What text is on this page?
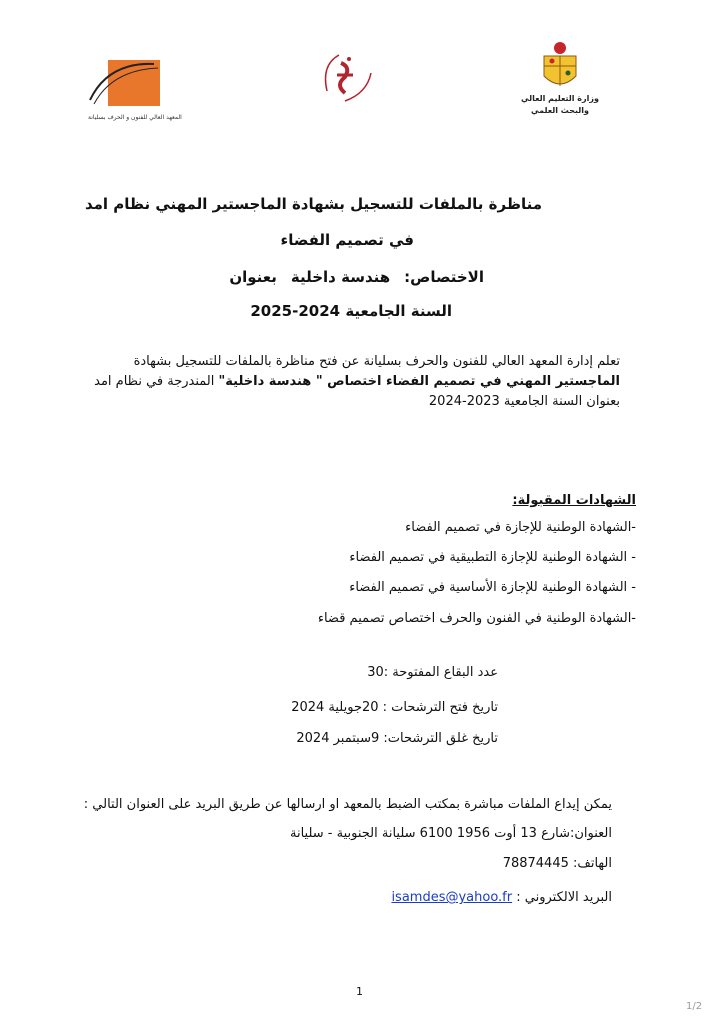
المعهد العالي للفنون و الحرف بسليانة
وزارة التعليم العالي
والبحث العلمي
مناظرة بالملفات للتسجيل بشهادة الماجستير المهني نظام امد
في تصميم الفضاء
الاختصاص:هندسة داخليةبعنوان
السنة الجامعية 2024-2025
تعلم إدارة المعهد العالي للفنون والحرف بسليانة عن فتح مناظرة بالملفات للتسجيل بشهادة الماجستير المهني في تصميم الفضاء اختصاص " هندسة داخلية" المندرجة في نظام امد بعنوان السنة الجامعية 2023-2024
الشهادات المقبولة:
-الشهادة الوطنية للإجازة في تصميم الفضاء
- الشهادة الوطنية للإجازة التطبيقية في تصميم الفضاء
- الشهادة الوطنية للإجازة الأساسية في تصميم الفضاء
-الشهادة الوطنية في الفنون والحرف اختصاص تصميم قضاء
عدد البقاع المفتوحة :30
تاريخ فتح الترشحات : 20جويلية 2024
تاريخ غلق الترشحات: 9سبتمبر 2024
يمكن إيداع الملفات مباشرة بمكتب الضبط بالمعهد او ارسالها عن طريق البريد على العنوان التالي :
العنوان:شارع 13 أوت 1956 6100 سليانة الجنوبية - سليانة
الهاتف: 78874445
البريد الالكتروني : isamdes@yahoo.fr
1
1/2
